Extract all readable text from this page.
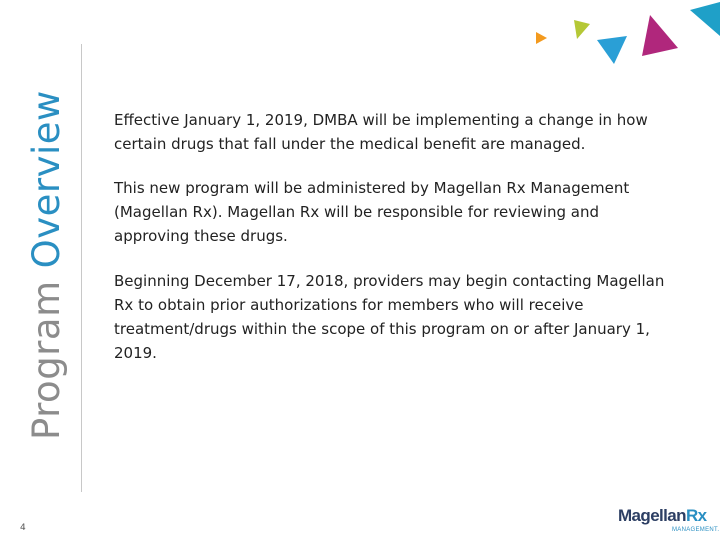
ProgramOverview	Effective January 1, 2019, DMBA will be implementing a change in how certain drugs that fall under the medical benefit are managed.

This new program will be administered by Magellan Rx Management (Magellan Rx). Magellan Rx will be responsible for reviewing and approving these drugs.

Beginning December 17, 2018, providers may begin contacting Magellan Rx to obtain prior authorizations for members who will receive treatment/drugs within the scope of this program on or after January 1, 2019.

4
MagellanRx
MANAGEMENT.
